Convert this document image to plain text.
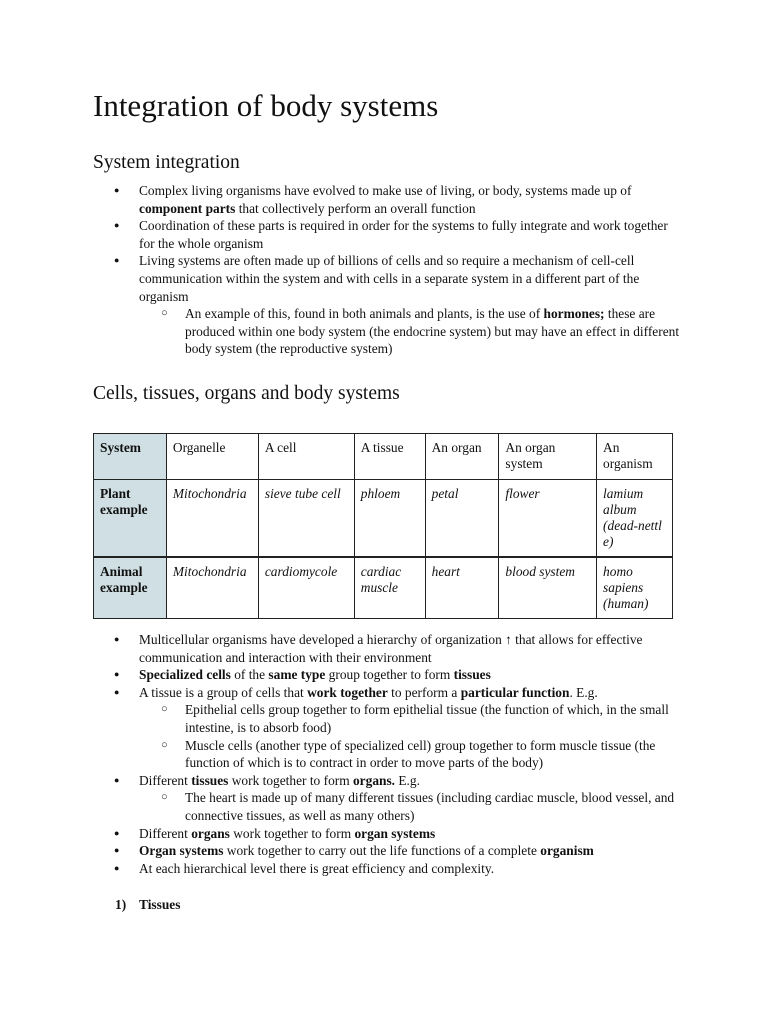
Integration of body systems
System integration
● Complex living organisms have evolved to make use of living, or body, systems made up of component parts that collectively perform an overall function
● Coordination of these parts is required in order for the systems to fully integrate and work together for the whole organism
● Living systems are often made up of billions of cells and so require a mechanism of cell-cell communication within the system and with cells in a separate system in a different part of the organism
○ An example of this, found in both animals and plants, is the use of hormones; these are produced within one body system (the endocrine system) but may have an effect in different body system (the reproductive system)
Cells, tissues, organs and body systems
System	Organelle	A cell	A tissue	An organ	An organ system	An organism
Plant example	Mitochondria	sieve tube cell	phloem	petal	flower	lamium album (dead-nettl e)
Animal example	Mitochondria	cardiomycole	cardiac muscle	heart	blood system	homo sapiens (human)
● Multicellular organisms have developed a hierarchy of organization ↑ that allows for effective communication and interaction with their environment
● Specialized cells of the same type group together to form tissues
● A tissue is a group of cells that work together to perform a particular function. E.g.
○ Epithelial cells group together to form epithelial tissue (the function of which, in the small intestine, is to absorb food)
○ Muscle cells (another type of specialized cell) group together to form muscle tissue (the function of which is to contract in order to move parts of the body)
● Different tissues work together to form organs. E.g.
○ The heart is made up of many different tissues (including cardiac muscle, blood vessel, and connective tissues, as well as many others)
● Different organs work together to form organ systems
● Organ systems work together to carry out the life functions of a complete organism
● At each hierarchical level there is great efficiency and complexity.
1) Tissues
